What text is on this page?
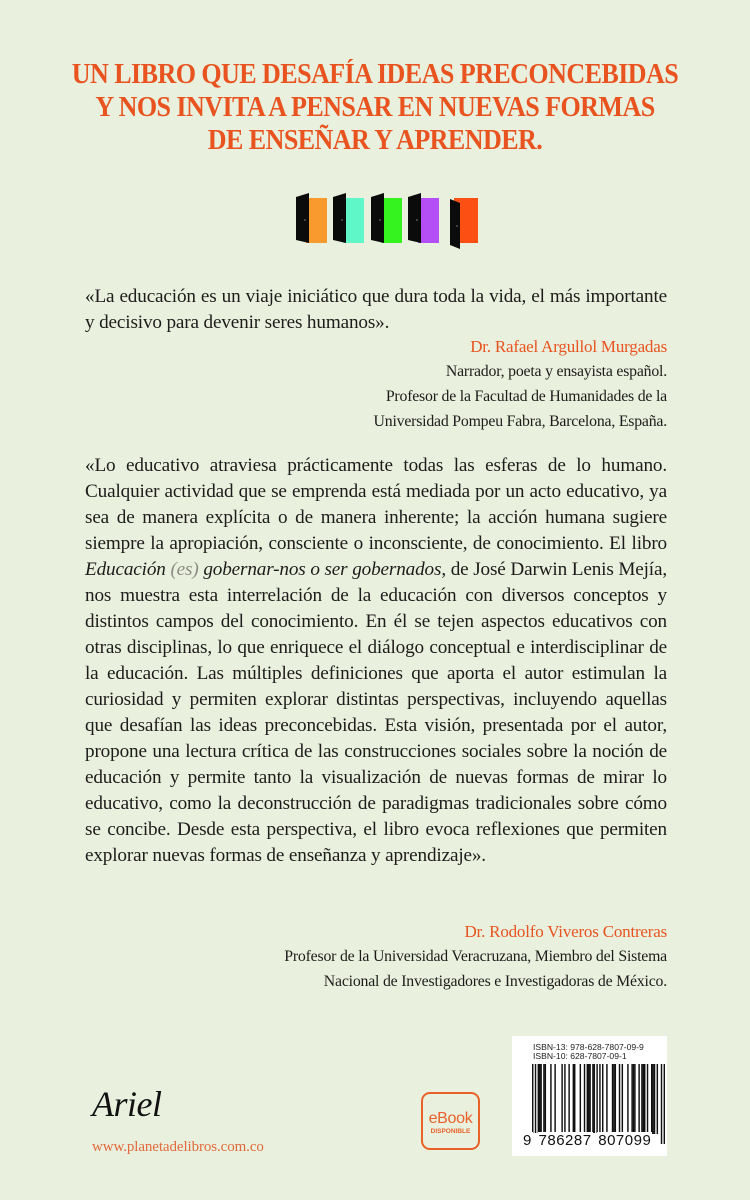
UN LIBRO QUE DESAFÍA IDEAS PRECONCEBIDAS
Y NOS INVITA A PENSAR EN NUEVAS FORMAS
DE ENSEÑAR Y APRENDER.

«La educación es un viaje iniciático que dura toda la vida, el más importante y decisivo para devenir seres humanos».

Dr. Rafael Argullol Murgadas
Narrador, poeta y ensayista español.
Profesor de la Facultad de Humanidades de la
Universidad Pompeu Fabra, Barcelona, España.

«Lo educativo atraviesa prácticamente todas las esferas de lo humano. Cualquier actividad que se emprenda está mediada por un acto educativo, ya sea de manera explícita o de manera inherente; la acción humana sugiere siempre la apropiación, consciente o inconsciente, de conocimiento. El libro Educación (es) gobernar-nos o ser gobernados, de José Darwin Lenis Mejía, nos muestra esta interrelación de la educación con diversos conceptos y distintos campos del conocimiento. En él se tejen aspectos educativos con otras disciplinas, lo que enriquece el diálogo conceptual e interdisciplinar de la educación. Las múltiples definiciones que aporta el autor estimulan la curiosidad y permiten explorar distintas perspectivas, incluyendo aquellas que desafían las ideas preconcebidas. Esta visión, presentada por el autor, propone una lectura crítica de las construcciones sociales sobre la noción de educación y permite tanto la visualización de nuevas formas de mirar lo educativo, como la deconstrucción de paradigmas tradicionales sobre cómo se concibe. Desde esta perspectiva, el libro evoca reflexiones que permiten explorar nuevas formas de enseñanza y aprendizaje».

Dr. Rodolfo Viveros Contreras
Profesor de la Universidad Veracruzana, Miembro del Sistema
Nacional de Investigadores e Investigadoras de México.
Ariel
www.planetadelibros.com.co
eBook
DISPONIBLE
ISBN-13: 978-628-7807-09-9
ISBN-10: 628-7807-09-1
9 786287 807099
